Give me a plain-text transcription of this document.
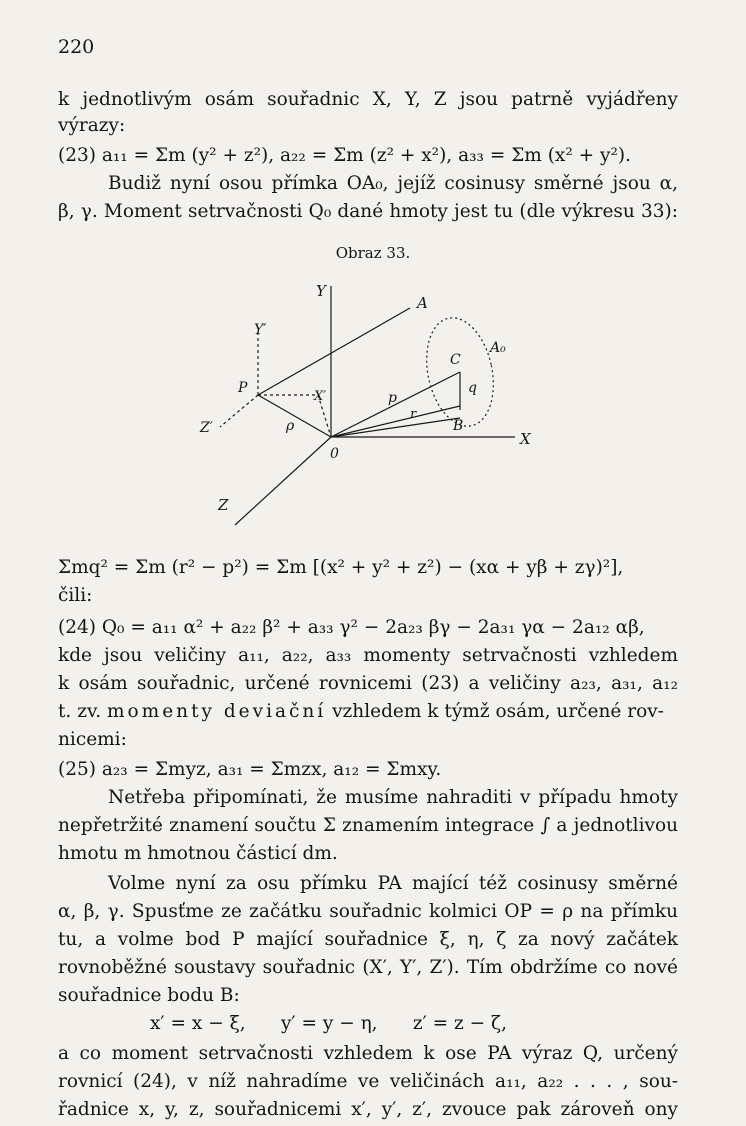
220
k jednotlivým osám souřadnic X, Y, Z jsou patrně vyjádřeny
výrazy:
(23) a₁₁ = Σm (y² + z²), a₂₂ = Σm (z² + x²), a₃₃ = Σm (x² + y²).
Budiž nyní osou přímka OA₀, jejíž cosinusy směrné jsou α,
β, γ. Moment setrvačnosti Q₀ dané hmoty jest tu (dle výkresu 33):
Obraz 33.
Y
Y′
A
A₀
C
q
P
X′	p
r
B
X
Z′	ρ
0
Z
Σmq² = Σm (r² − p²) = Σm [(x² + y² + z²) − (xα + yβ + zγ)²],
čili:
(24) Q₀ = a₁₁ α² + a₂₂ β² + a₃₃ γ² − 2a₂₃ βγ − 2a₃₁ γα − 2a₁₂ αβ,
kde jsou veličiny a₁₁, a₂₂, a₃₃ momenty setrvačnosti vzhledem
k osám souřadnic, určené rovnicemi (23) a veličiny a₂₃, a₃₁, a₁₂
t. zv. momenty deviační vzhledem k týmž osám, určené rov-
nicemi:
(25) a₂₃ = Σmyz, a₃₁ = Σmzx, a₁₂ = Σmxy.
Netřeba připomínati, že musíme nahraditi v případu hmoty
nepřetržité znamení součtu Σ znamením integrace ∫ a jednotlivou
hmotu m hmotnou částicí dm.
Volme nyní za osu přímku PA mající též cosinusy směrné
α, β, γ. Spusťme ze začátku souřadnic kolmici OP = ρ na přímku
tu, a volme bod P mající souřadnice ξ, η, ζ za nový začátek
rovnoběžné soustavy souřadnic (X′, Y′, Z′). Tím obdržíme co nové
souřadnice bodu B:
x′ = x − ξ,      y′ = y − η,      z′ = z − ζ,
a co moment setrvačnosti vzhledem k ose PA výraz Q, určený
rovnicí (24), v níž nahradíme ve veličinách a₁₁, a₂₂ . . . , sou-
řadnice x, y, z, souřadnicemi x′, y′, z′, zvouce pak zároveň ony
